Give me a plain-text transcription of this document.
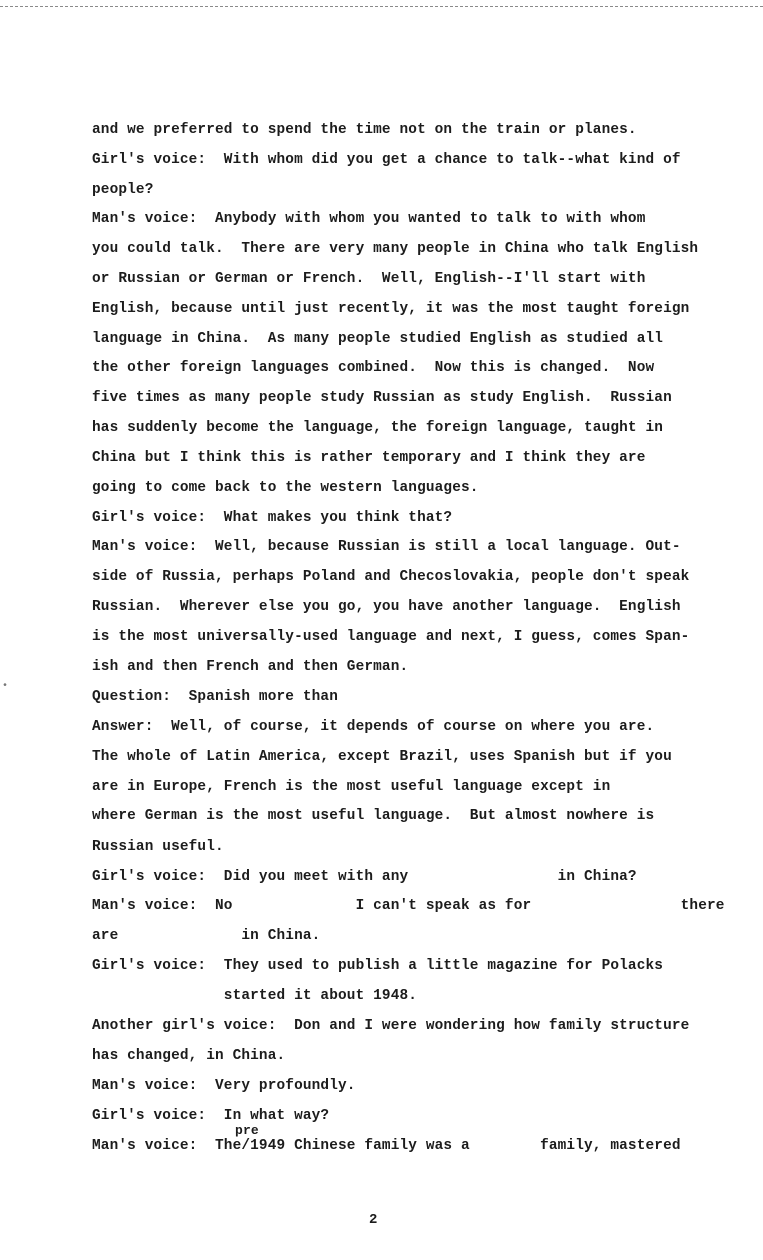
and we preferred to spend the time not on the train or planes.
Girl's voice:  With whom did you get a chance to talk--what kind of
people?
Man's voice:  Anybody with whom you wanted to talk to with whom
you could talk.  There are very many people in China who talk English
or Russian or German or French.  Well, English--I'll start with
English, because until just recently, it was the most taught foreign
language in China.  As many people studied English as studied all
the other foreign languages combined.  Now this is changed.  Now
five times as many people study Russian as study English.  Russian
has suddenly become the language, the foreign language, taught in
China but I think this is rather temporary and I think they are
going to come back to the western languages.
Girl's voice:  What makes you think that?
Man's voice:  Well, because Russian is still a local language. Out-
side of Russia, perhaps Poland and Checoslovakia, people don't speak
Russian.  Wherever else you go, you have another language.  English
is the most universally-used language and next, I guess, comes Span-
ish and then French and then German.
Question:  Spanish more than
Answer:  Well, of course, it depends of course on where you are.
The whole of Latin America, except Brazil, uses Spanish but if you
are in Europe, French is the most useful language except in
where German is the most useful language.  But almost nowhere is
Russian useful.
Girl's voice:  Did you meet with any                 in China?
Man's voice:  No              I can't speak as for                 there
are              in China.
Girl's voice:  They used to publish a little magazine for Polacks
started it about 1948.
Another girl's voice:  Don and I were wondering how family structure
has changed, in China.
Man's voice:  Very profoundly.
Girl's voice:  In what way?
pre
Man's voice:  The/1949 Chinese family was a        family, mastered
•
2
